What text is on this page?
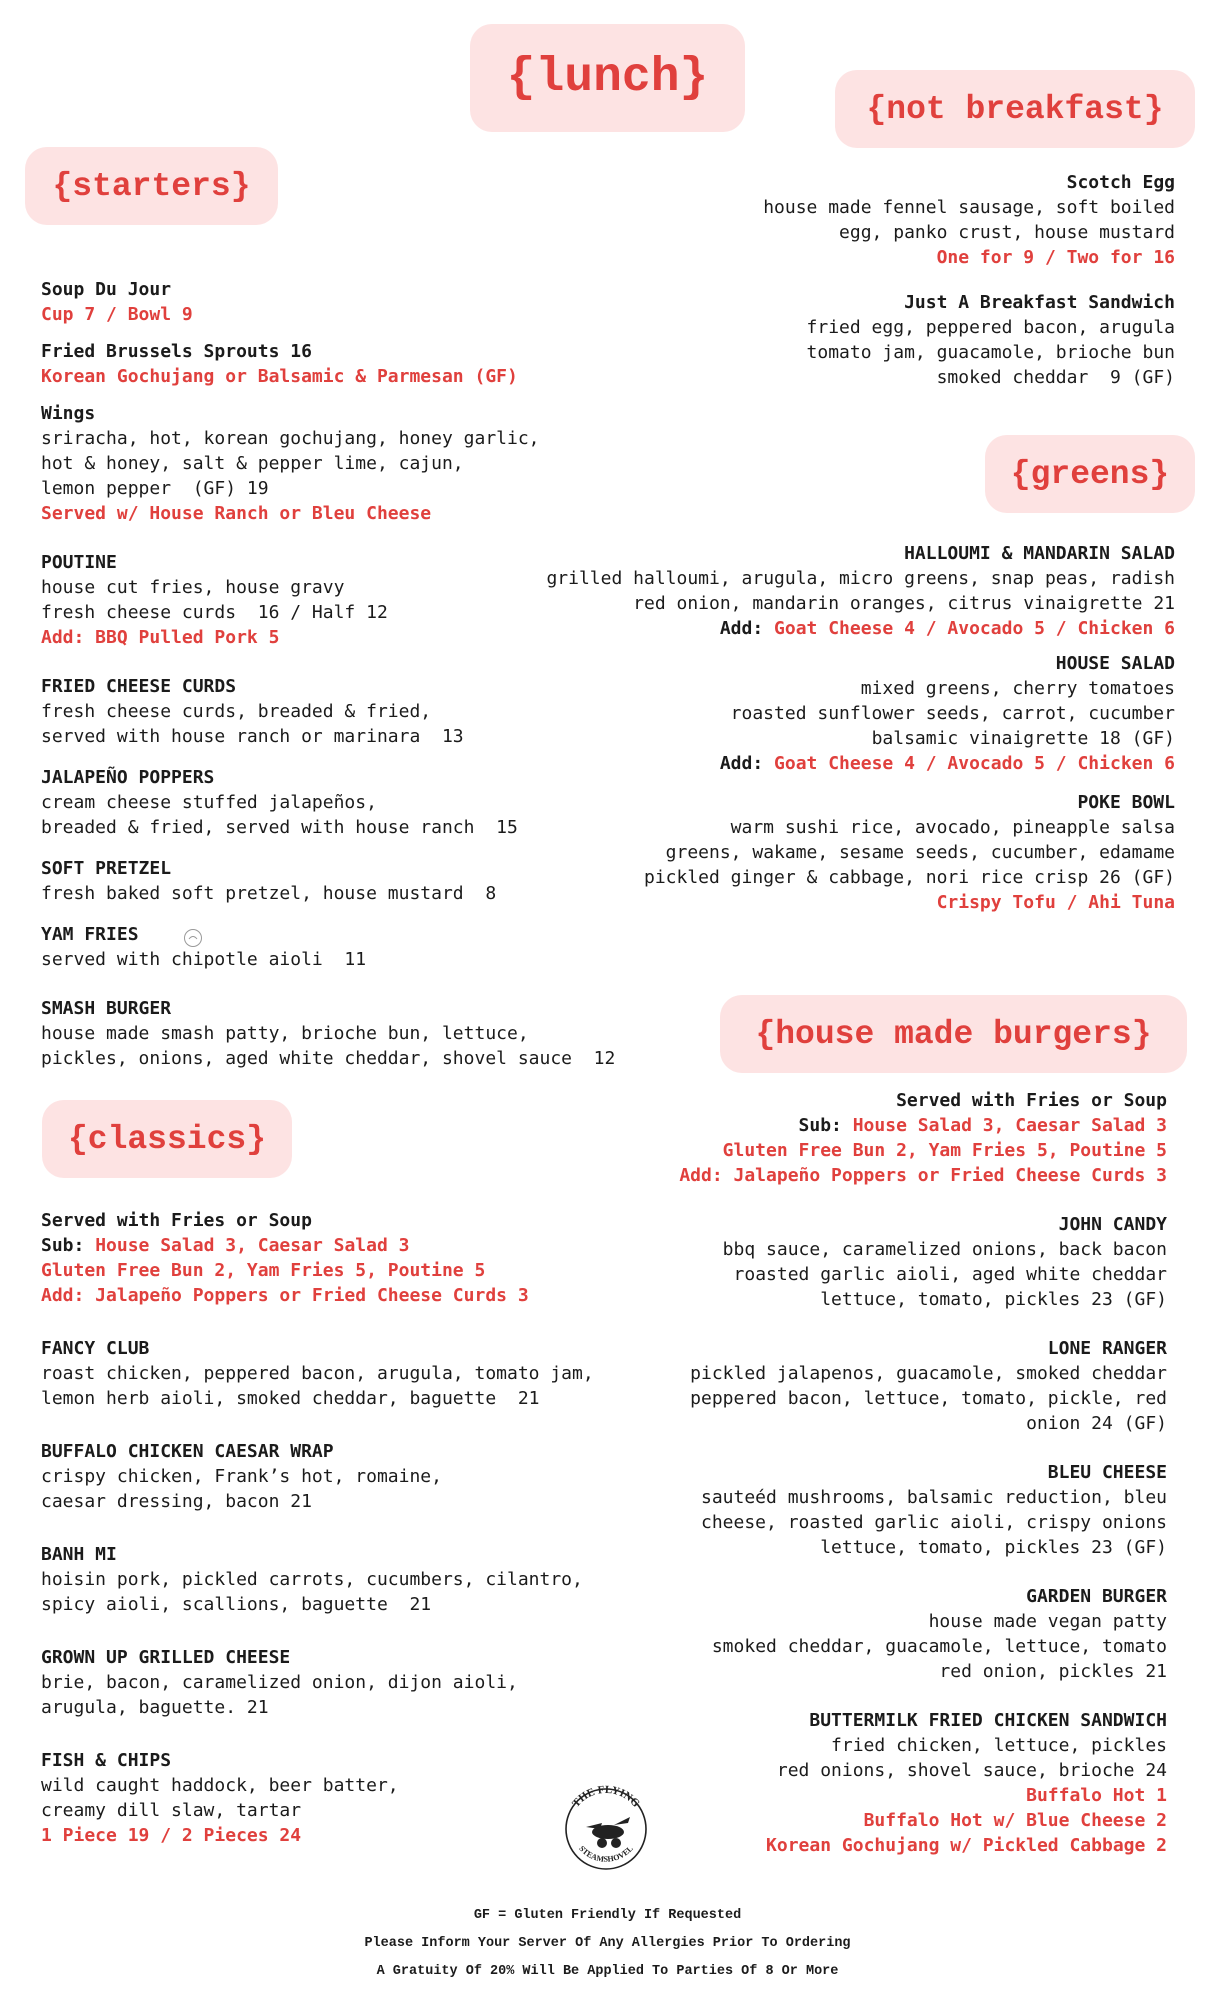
{lunch}
{not breakfast}
{starters}
{greens}
{house made burgers}
{classics}
Soup Du Jour
Cup 7 / Bowl 9
Fried Brussels Sprouts 16
Korean Gochujang or Balsamic & Parmesan (GF)
Wings
sriracha, hot, korean gochujang, honey garlic,
hot & honey, salt & pepper lime, cajun,
lemon pepper  (GF) 19
Served w/ House Ranch or Bleu Cheese
POUTINE
house cut fries, house gravy
fresh cheese curds  16 / Half 12
Add: BBQ Pulled Pork 5
FRIED CHEESE CURDS
fresh cheese curds, breaded & fried,
served with house ranch or marinara  13
JALAPEÑO POPPERS
cream cheese stuffed jalapeños,
breaded & fried, served with house ranch  15
SOFT PRETZEL
fresh baked soft pretzel, house mustard  8
YAM FRIES
served with chipotle aioli  11
SMASH BURGER
house made smash patty, brioche bun, lettuce,
pickles, onions, aged white cheddar, shovel sauce  12
Scotch Egg
house made fennel sausage, soft boiled
egg, panko crust, house mustard
One for 9 / Two for 16
Just A Breakfast Sandwich
fried egg, peppered bacon, arugula
tomato jam, guacamole, brioche bun
smoked cheddar  9 (GF)
HALLOUMI & MANDARIN SALAD
grilled halloumi, arugula, micro greens, snap peas, radish
red onion, mandarin oranges, citrus vinaigrette 21
Add: Goat Cheese 4 / Avocado 5 / Chicken 6
HOUSE SALAD
mixed greens, cherry tomatoes
roasted sunflower seeds, carrot, cucumber
balsamic vinaigrette 18 (GF)
Add: Goat Cheese 4 / Avocado 5 / Chicken 6
POKE BOWL
warm sushi rice, avocado, pineapple salsa
greens, wakame, sesame seeds, cucumber, edamame
pickled ginger & cabbage, nori rice crisp 26 (GF)
Crispy Tofu / Ahi Tuna
Served with Fries or Soup
Sub: House Salad 3, Caesar Salad 3
Gluten Free Bun 2, Yam Fries 5, Poutine 5
Add: Jalapeño Poppers or Fried Cheese Curds 3
JOHN CANDY
bbq sauce, caramelized onions, back bacon
roasted garlic aioli, aged white cheddar
lettuce, tomato, pickles 23 (GF)
LONE RANGER
pickled jalapenos, guacamole, smoked cheddar
peppered bacon, lettuce, tomato, pickle, red
onion 24 (GF)
BLEU CHEESE
sauteéd mushrooms, balsamic reduction, bleu
cheese, roasted garlic aioli, crispy onions
lettuce, tomato, pickles 23 (GF)
GARDEN BURGER
house made vegan patty
smoked cheddar, guacamole, lettuce, tomato
red onion, pickles 21
BUTTERMILK FRIED CHICKEN SANDWICH
fried chicken, lettuce, pickles
red onions, shovel sauce, brioche 24
Buffalo Hot 1
Buffalo Hot w/ Blue Cheese 2
Korean Gochujang w/ Pickled Cabbage 2
Served with Fries or Soup
Sub: House Salad 3, Caesar Salad 3
Gluten Free Bun 2, Yam Fries 5, Poutine 5
Add: Jalapeño Poppers or Fried Cheese Curds 3
FANCY CLUB
roast chicken, peppered bacon, arugula, tomato jam,
lemon herb aioli, smoked cheddar, baguette  21
BUFFALO CHICKEN CAESAR WRAP
crispy chicken, Frank’s hot, romaine,
caesar dressing, bacon 21
BANH MI
hoisin pork, pickled carrots, cucumbers, cilantro,
spicy aioli, scallions, baguette  21
GROWN UP GRILLED CHEESE
brie, bacon, caramelized onion, dijon aioli,
arugula, baguette. 21
FISH & CHIPS
wild caught haddock, beer batter,
creamy dill slaw, tartar
1 Piece 19 / 2 Pieces 24
THE FLYING
STEAMSHOVEL
GF = Gluten Friendly If Requested
Please Inform Your Server Of Any Allergies Prior To Ordering
A Gratuity Of 20% Will Be Applied To Parties Of 8 Or More
